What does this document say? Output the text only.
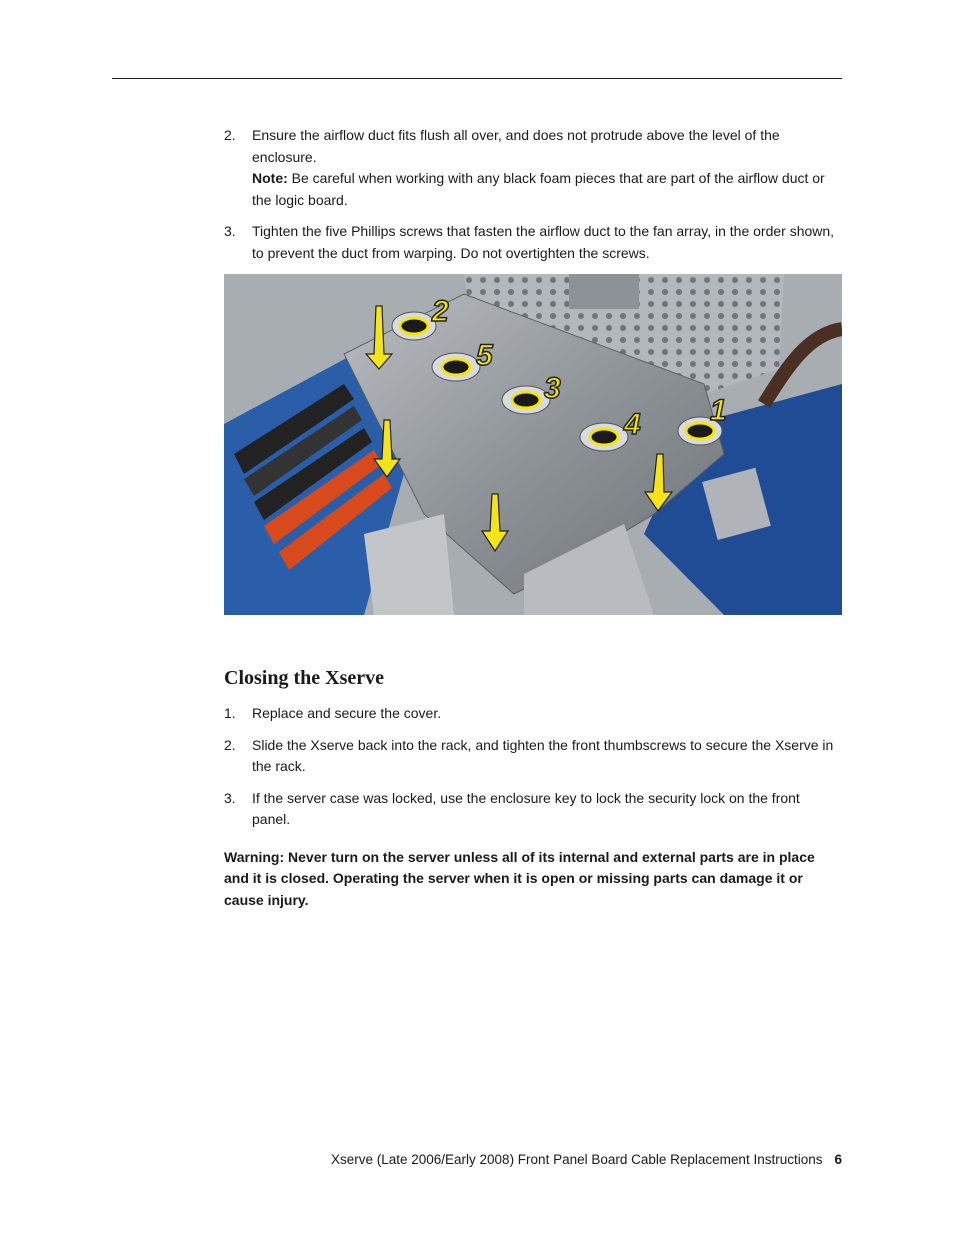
2. Ensure the airflow duct fits flush all over, and does not protrude above the level of the enclosure.

Note: Be careful when working with any black foam pieces that are part of the airflow duct or the logic board.

3. Tighten the five Phillips screws that fasten the airflow duct to the fan array, in the order shown, to prevent the duct from warping. Do not overtighten the screws.

2
5
3
4 1
Closing the Xserve
1. Replace and secure the cover.

2. Slide the Xserve back into the rack, and tighten the front thumbscrews to secure the Xserve in the rack.

3. If the server case was locked, use the enclosure key to lock the security lock on the front panel.

Warning: Never turn on the server unless all of its internal and external parts are in place and it is closed. Operating the server when it is open or missing parts can damage it or cause injury.

Xserve (Late 2006/Early 2008) Front Panel Board Cable Replacement Instructions 6
